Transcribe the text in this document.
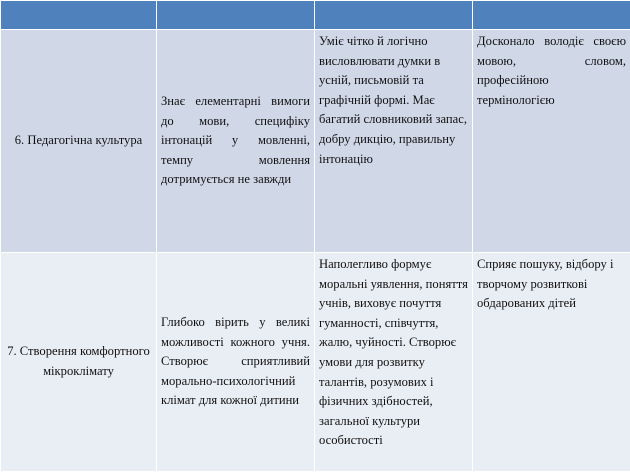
6. Педагогічна культура	Знає елементарні вимоги до мови, специфіку інтонацій у мовленні, темпу мовлення дотримується не завжди	Уміє чітко й логічно висловлювати думки в усній, письмовій та графічній формі. Має багатий словниковий запас, добру дикцію, правильну інтонацію	Досконало володіє своєю мовою, словом, професійною термінологією
7. Створення комфортного мікроклімату	Глибоко вірить у великі можливості кожного учня. Створює сприятливий морально-психологічний клімат для кожної дитини	Наполегливо формує моральні уявлення, поняття учнів, виховує почуття гуманності, співчуття, жалю, чуйності. Створює умови для розвитку талантів, розумових і фізичних здібностей, загальної культури особистості	Сприяє пошуку, відбору і творчому розвиткові обдарованих дітей
